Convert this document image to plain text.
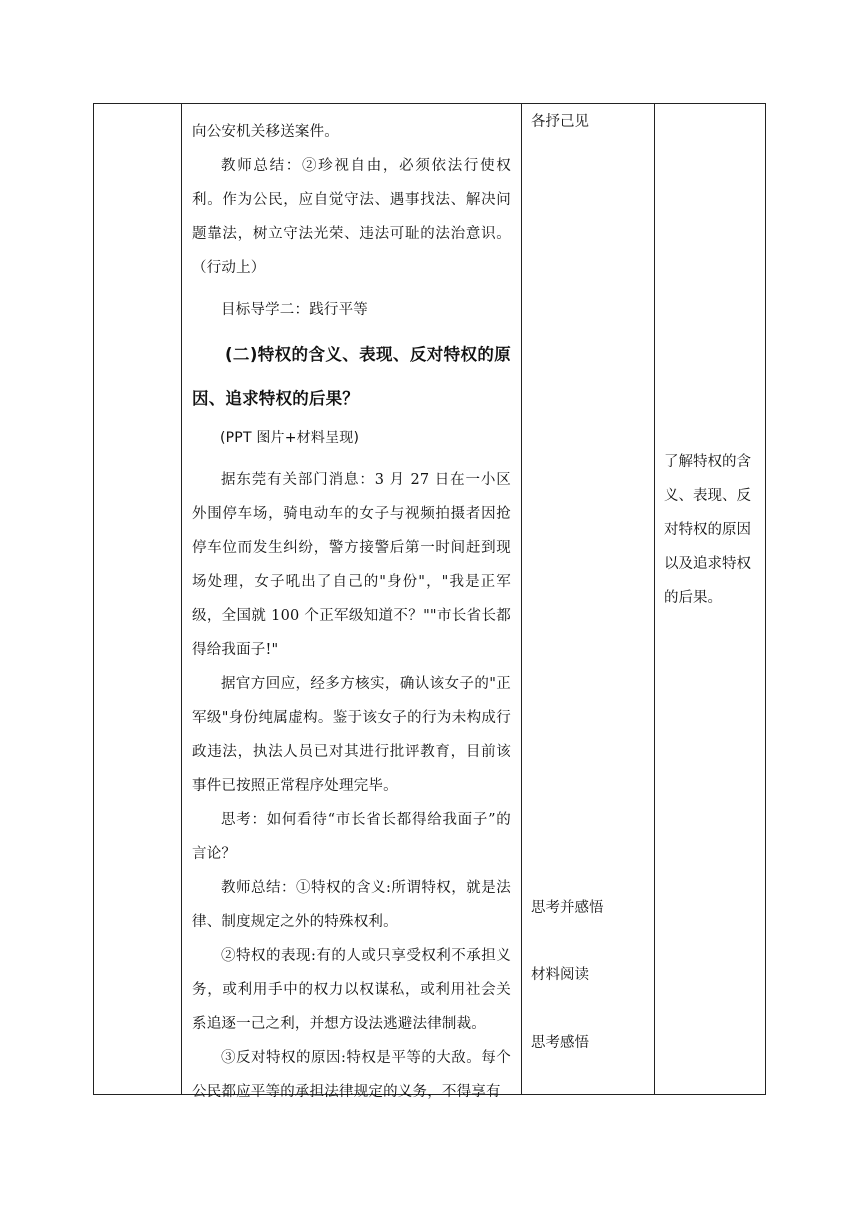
向公安机关移送案件。

教师总结：②珍视自由，必须依法行使权利。作为公民，应自觉守法、遇事找法、解决问题靠法，树立守法光荣、违法可耻的法治意识。（行动上）

目标导学二：践行平等

(二)特权的含义、表现、反对特权的原因、追求特权的后果？

(PPT 图片+材料呈现)

据东莞有关部门消息：3 月 27 日在一小区外围停车场，骑电动车的女子与视频拍摄者因抢停车位而发生纠纷，警方接警后第一时间赶到现场处理，女子吼出了自己的"身份"，"我是正军级，全国就 100 个正军级知道不？""市长省长都得给我面子!"

据官方回应，经多方核实，确认该女子的"正军级"身份纯属虚构。鉴于该女子的行为未构成行政违法，执法人员已对其进行批评教育，目前该事件已按照正常程序处理完毕。

思考：如何看待“市长省长都得给我面子”的言论？

教师总结：①特权的含义:所谓特权，就是法律、制度规定之外的特殊权利。

②特权的表现:有的人或只享受权利不承担义务，或利用手中的权力以权谋私，或利用社会关系追逐一己之利，并想方设法逃避法律制裁。

③反对特权的原因:特权是平等的大敌。每个公民都应平等的承担法律规定的义务，不得享有

各抒己见
思考并感悟
材料阅读
思考感悟
了解特权的含义、表现、反对特权的原因以及追求特权的后果。
